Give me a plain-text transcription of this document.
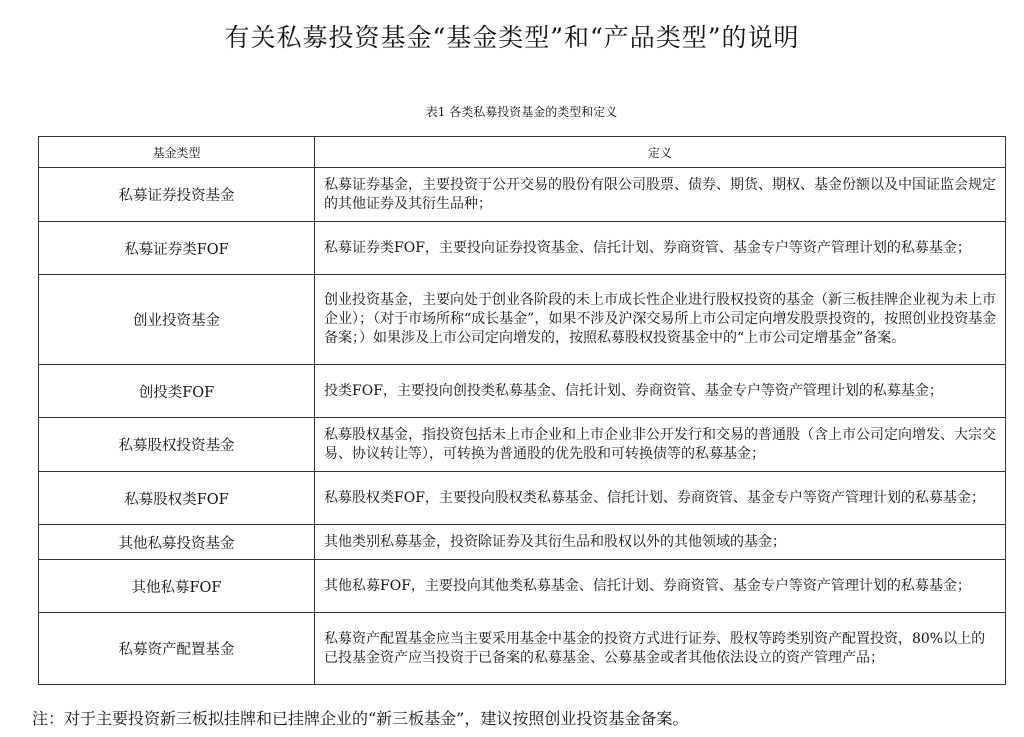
有关私募投资基金“基金类型”和“产品类型”的说明
表1 各类私募投资基金的类型和定义
基金类型	定义
私募证券投资基金	私募证券基金，主要投资于公开交易的股份有限公司股票、债券、期货、期权、基金份额以及中国证监会规定的其他证券及其衍生品种；
私募证券类FOF	私募证券类FOF，主要投向证券投资基金、信托计划、券商资管、基金专户等资产管理计划的私募基金；
创业投资基金	创业投资基金，主要向处于创业各阶段的未上市成长性企业进行股权投资的基金（新三板挂牌企业视为未上市企业）；（对于市场所称“成长基金”，如果不涉及沪深交易所上市公司定向增发股票投资的，按照创业投资基金备案；）如果涉及上市公司定向增发的，按照私募股权投资基金中的“上市公司定增基金”备案。
创投类FOF	投类FOF，主要投向创投类私募基金、信托计划、券商资管、基金专户等资产管理计划的私募基金；
私募股权投资基金	私募股权基金，指投资包括未上市企业和上市企业非公开发行和交易的普通股（含上市公司定向增发、大宗交易、协议转让等），可转换为普通股的优先股和可转换债等的私募基金；
私募股权类FOF	私募股权类FOF，主要投向股权类私募基金、信托计划、券商资管、基金专户等资产管理计划的私募基金；
其他私募投资基金	其他类别私募基金，投资除证券及其衍生品和股权以外的其他领域的基金；
其他私募FOF	其他私募FOF，主要投向其他类私募基金、信托计划、券商资管、基金专户等资产管理计划的私募基金；
私募资产配置基金	私募资产配置基金应当主要采用基金中基金的投资方式进行证券、股权等跨类别资产配置投资，80%以上的已投基金资产应当投资于已备案的私募基金、公募基金或者其他依法设立的资产管理产品；
注：对于主要投资新三板拟挂牌和已挂牌企业的“新三板基金”，建议按照创业投资基金备案。
